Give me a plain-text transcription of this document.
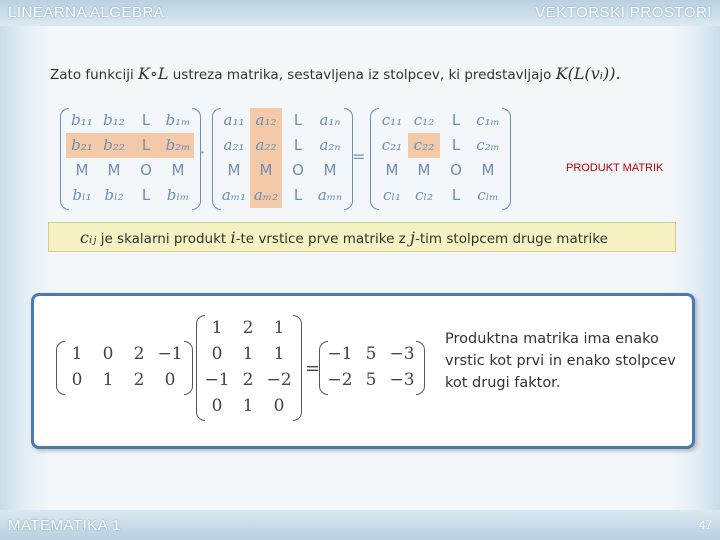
LINEARNA ALGEBRA	VEKTORSKI PROSTORI
Zato funkciji K∘L ustreza matrika, sestavljena iz stolpcev, ki predstavljajo K(L(vᵢ)).
b₁₁ b₁₂	L	b₁ₘ
b₂₁ b₂₂	L	b₂ₘ
M	M	O	M
bₗ₁ bₗ₂	L	bₗₘ
·
a₁₁ a₁₂	L	a₁ₙ
a₂₁ a₂₂	L	a₂ₙ
M	M	O	M
aₘ₁ aₘ₂	L	aₘₙ
=
c₁₁ c₁₂	L	c₁ₘ
c₂₁ c₂₂	L	c₂ₘ
M	M	O	M
cₗ₁ cₗ₂	L	cₗₘ
PRODUKT MATRIK
cᵢⱼ je skalarni produkt i-te vrstice prve matrike z j-tim stolpcem druge matrike
1	0	2 −1
0	1	2	0
1	2	1
0	1	1
−1 2 −2
0	1	0
=
−1 5 −3
−2 5 −3
Produktna matrika ima enako vrstic kot prvi in enako stolpcev kot drugi faktor.
MATEMATIKA 1	47
